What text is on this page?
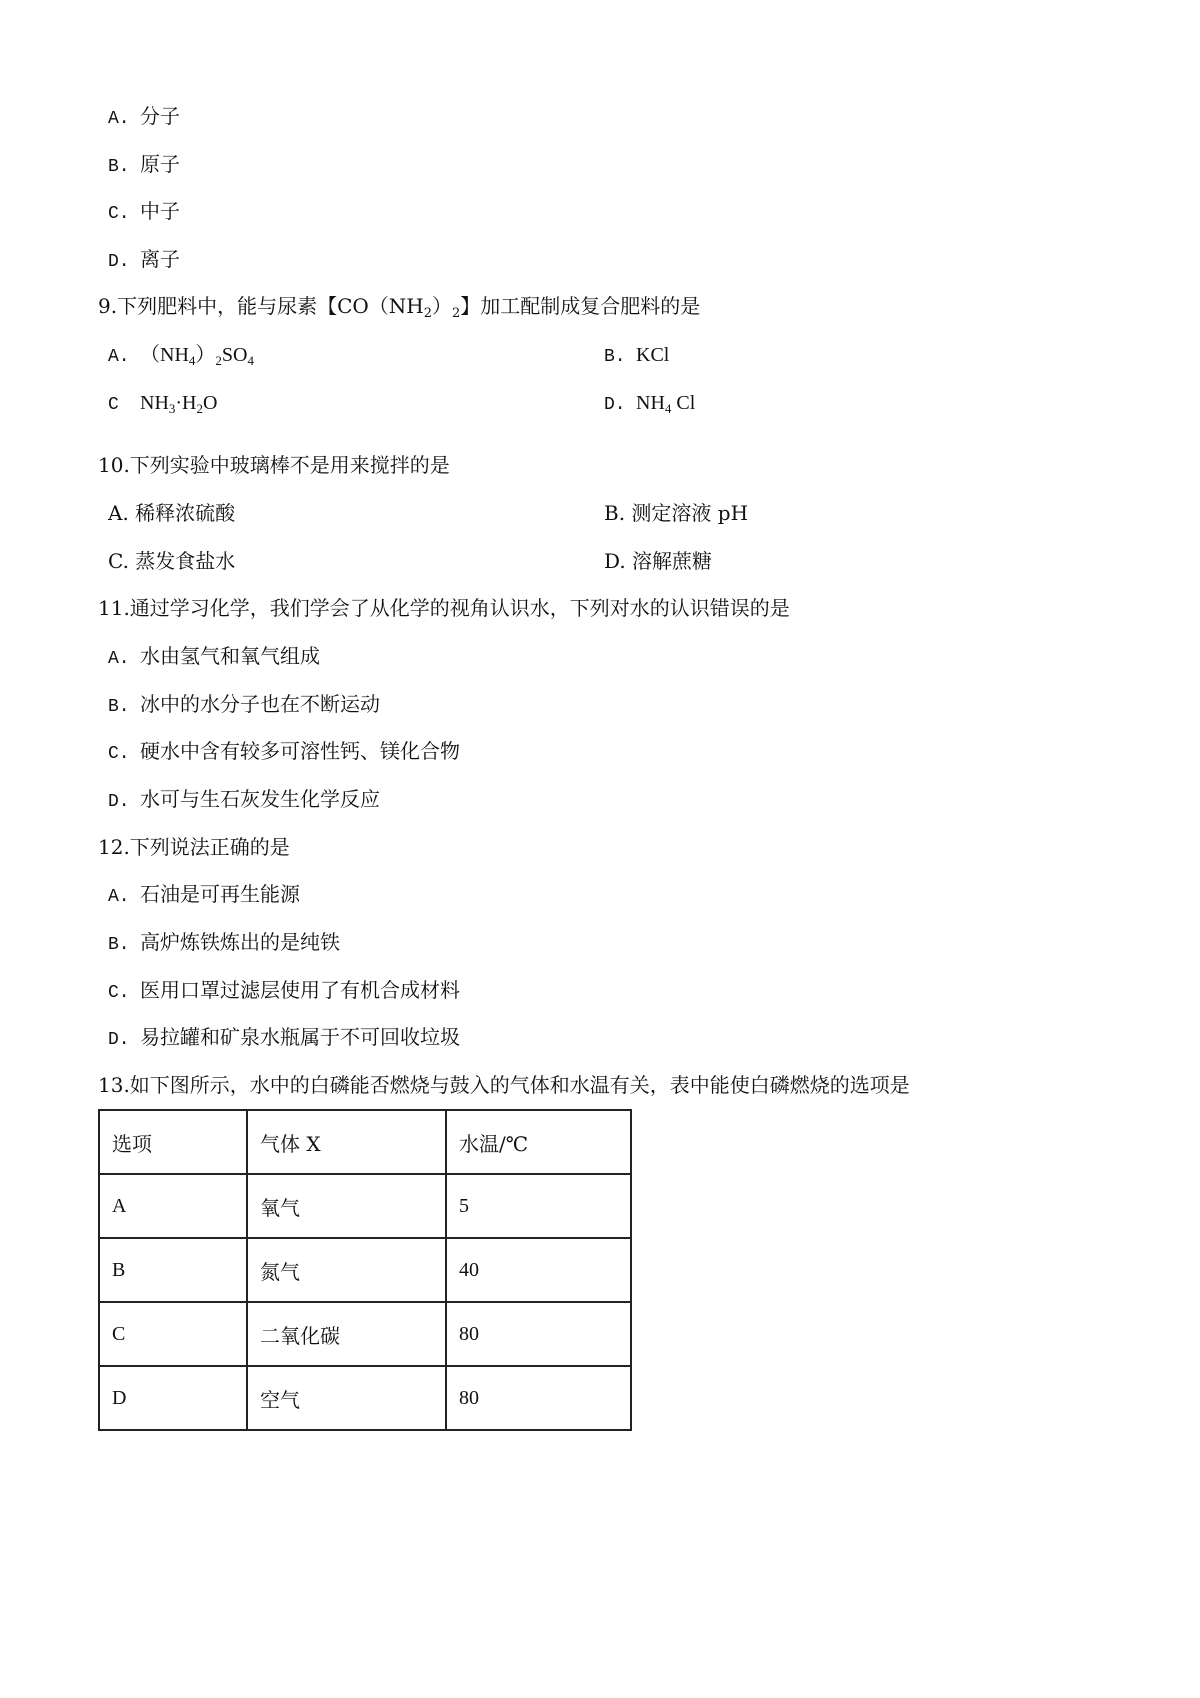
A. 分子
B. 原子
C. 中子
D. 离子
9.下列肥料中，能与尿素【$CO(NH_2)_2$】加工配制成复合肥料的是
A. $(NH_4)_2SO_4$	B. KCl
C $NH_3\cdot H_2O$	D. $NH_4$ Cl
10.下列实验中玻璃棒不是用来搅拌的是
A. 稀释浓硫酸	B. 测定溶液 pH
C. 蒸发食盐水	D. 溶解蔗糖
11.通过学习化学，我们学会了从化学的视角认识水，下列对水的认识错误的是
A. 水由氢气和氧气组成
B. 冰中的水分子也在不断运动
C. 硬水中含有较多可溶性钙、镁化合物
D. 水可与生石灰发生化学反应
12.下列说法正确的是
A. 石油是可再生能源
B. 高炉炼铁炼出的是纯铁
C. 医用口罩过滤层使用了有机合成材料
D. 易拉罐和矿泉水瓶属于不可回收垃圾
13.如下图所示，水中的白磷能否燃烧与鼓入的气体和水温有关，表中能使白磷燃烧的选项是
选项	气体 X	水温/℃
A	氧气	5
B	氮气	40
C	二氧化碳	80
D	空气	80
